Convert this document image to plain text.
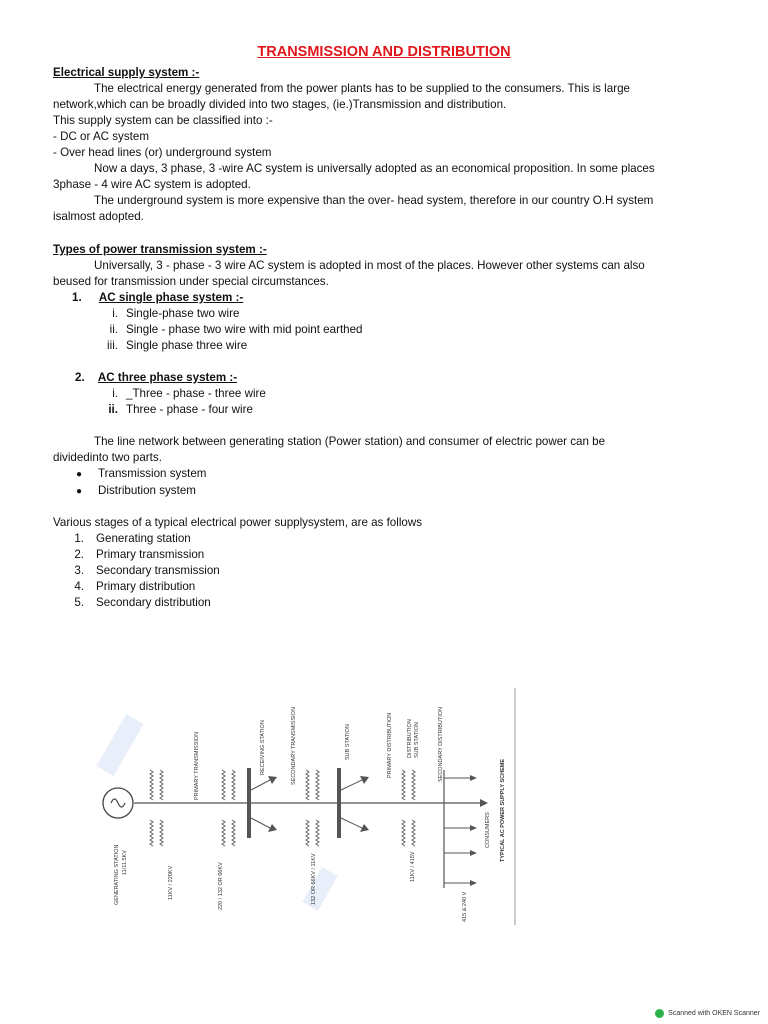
TRANSMISSION AND DISTRIBUTION
Electrical supply system :-
The electrical energy generated from the power plants has to be supplied to the consumers. This is large
network,which can be broadly divided into two stages, (ie.)Transmission and distribution.
This supply system can be classified into :-
- DC or AC system
- Over head lines (or) underground system
Now a days, 3 phase, 3 -wire AC system is universally adopted as an economical proposition. In some places
3phase - 4 wire AC system is adopted.
The underground system is more expensive than the over- head system, therefore in our country O.H system
isalmost adopted.
Types of power transmission system :-
Universally, 3 - phase - 3 wire AC system is adopted in most of the places. However other systems can also
beused for transmission under special circumstances.
1. AC single phase system :-
i. Single-phase two wire
ii. Single - phase two wire with mid point earthed
iii. Single phase three wire
2. AC three phase system :-
i. _Three - phase - three wire
ii. Three - phase - four wire
The line network between generating station (Power station) and consumer of electric power can be
dividedinto two parts.
● Transmission system
● Distribution system
Various stages of a typical electrical power supplysystem, are as follows
1. Generating station
2. Primary transmission
3. Secondary transmission
4. Primary distribution
5. Secondary distribution
GENERATING STATION 11/11.5KV
11KV / 220KV
PRIMARY TRANSMISSION
220 / 132 OR 66KV
RECEIVING STATION	SECONDARY TRANSMISSION
132 OR 66KV / 11KV
SUB STATION	PRIMARY DISTRIBUTION
11KV / 415V
DISTRIBUTION SUB STATION	SECONDARY DISTRIBUTION
415 & 240 V
CONSUMERS TYPICAL AC POWER SUPPLY SCHEME
Scanned with OKEN Scanner
